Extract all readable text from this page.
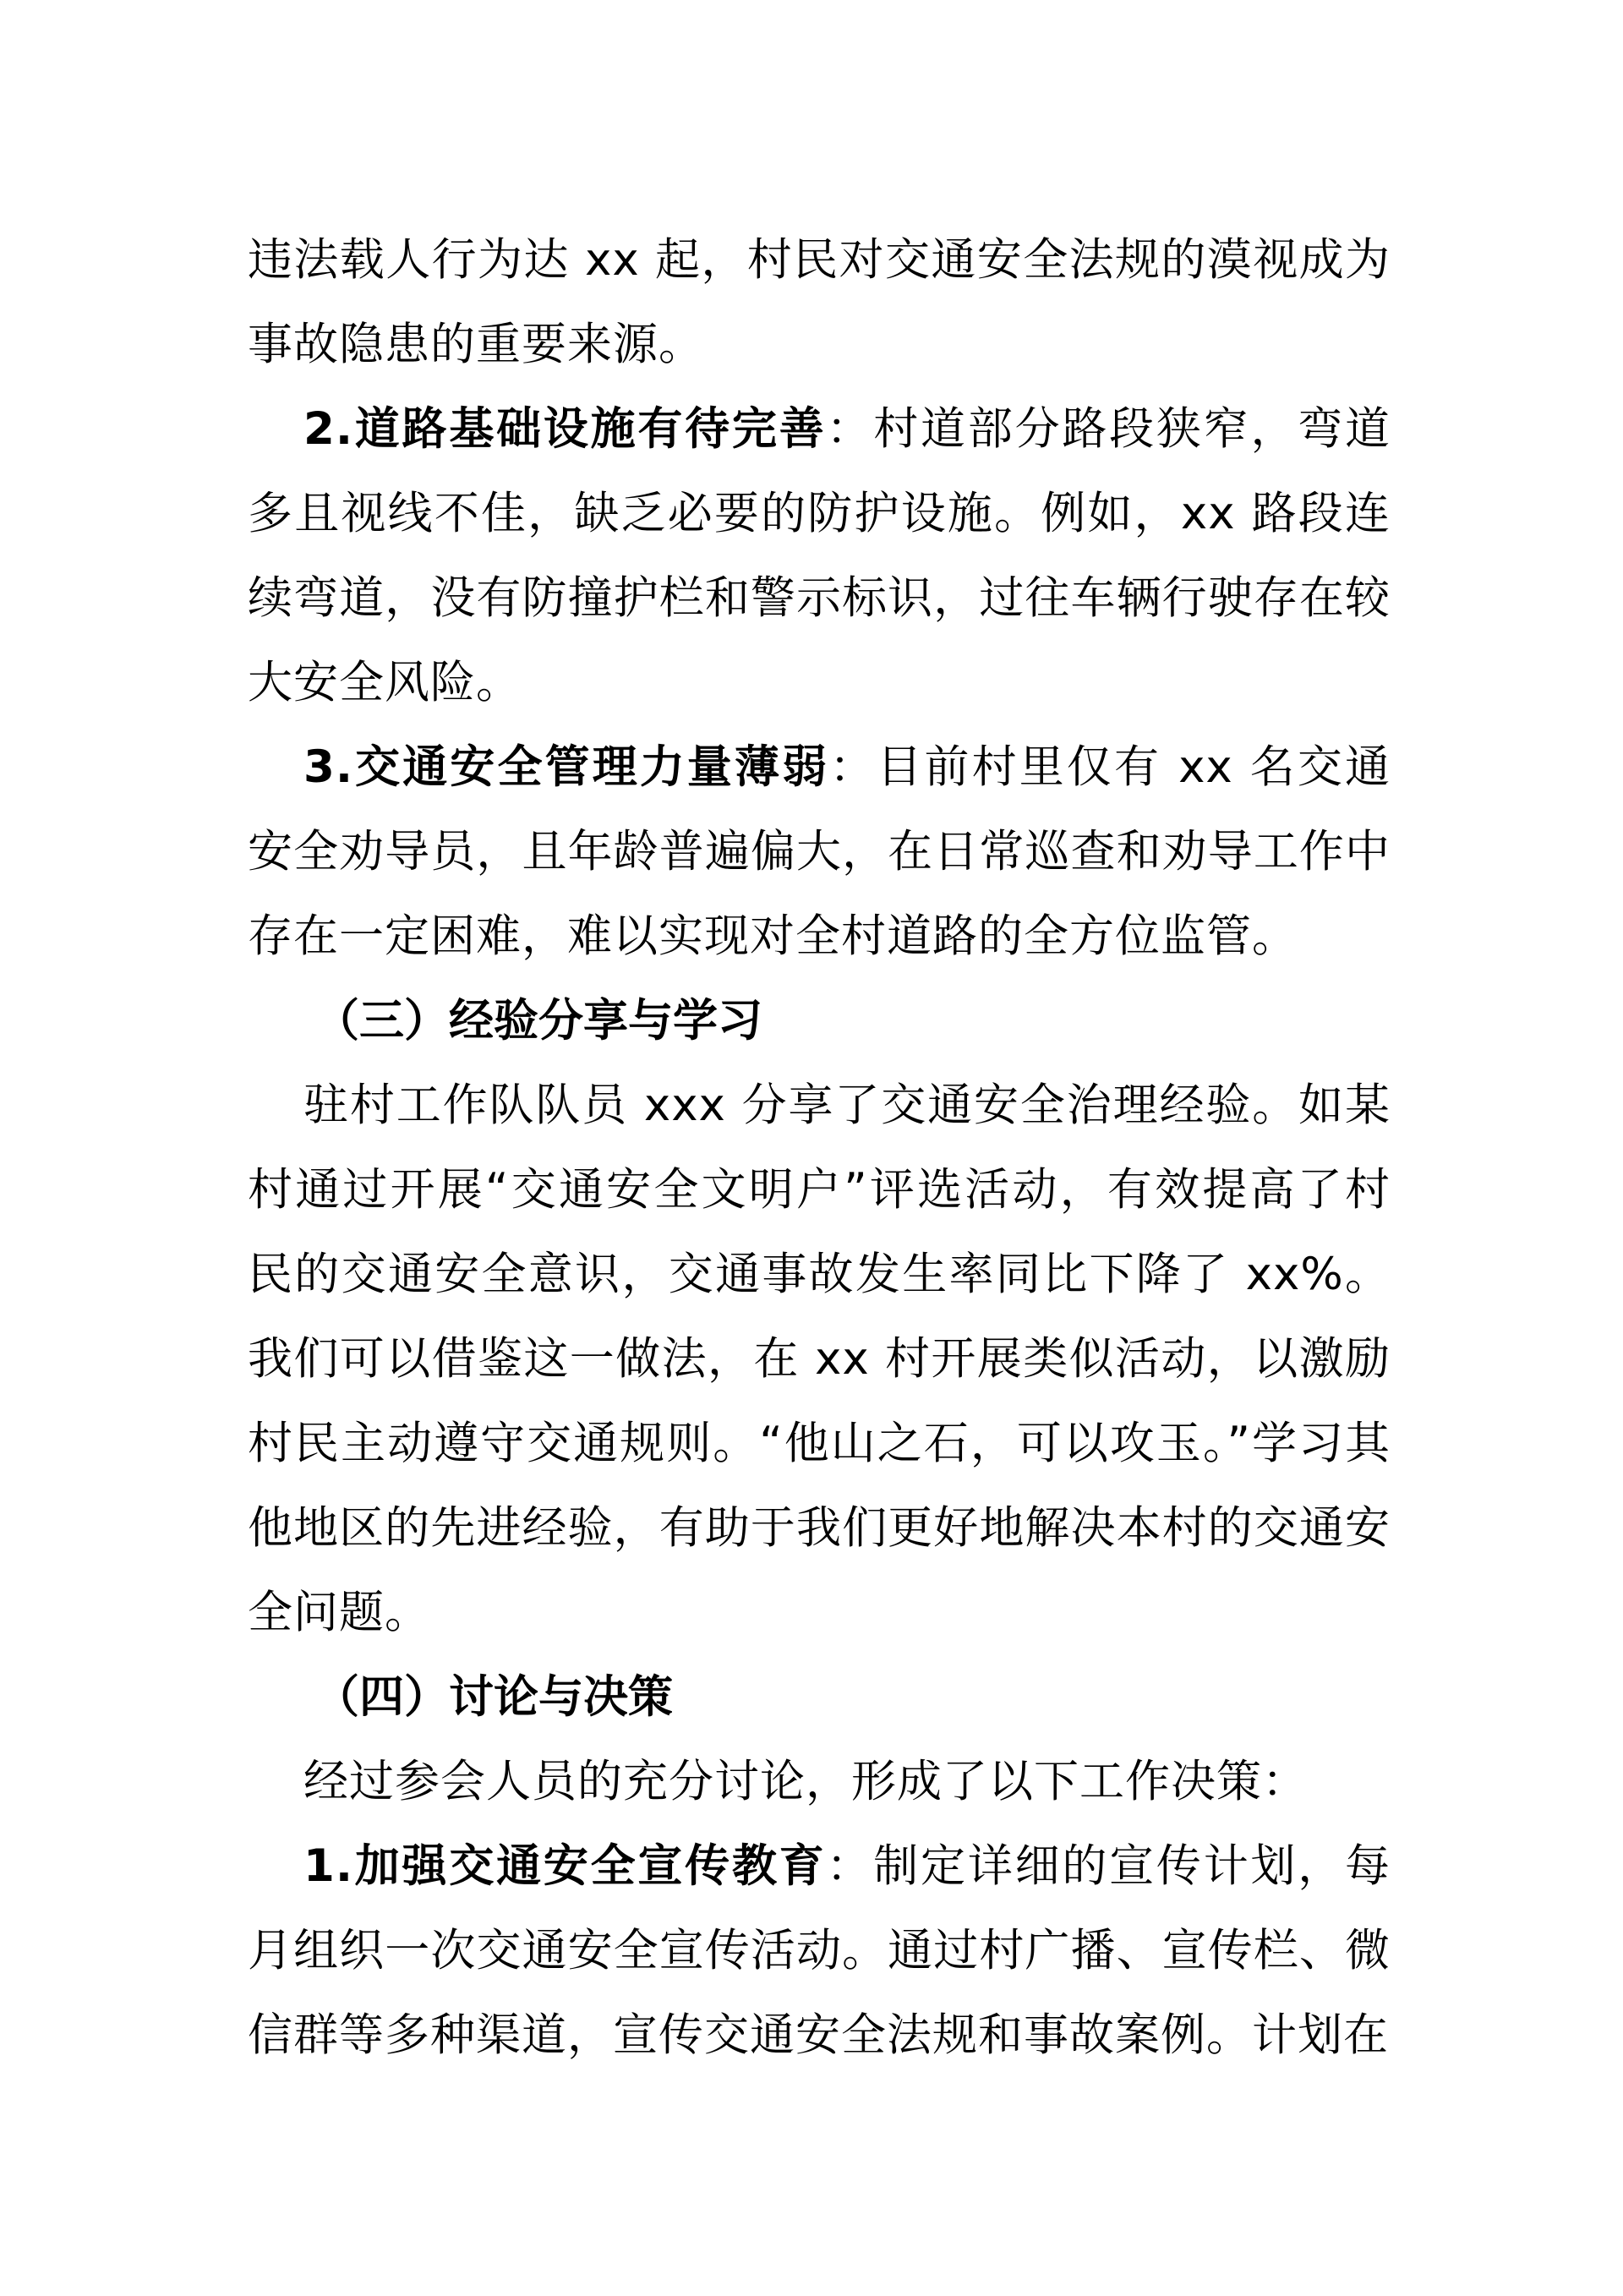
违法载人行为达 xx 起，村民对交通安全法规的漠视成为事故隐患的重要来源。

2.道路基础设施有待完善：村道部分路段狭窄，弯道多且视线不佳，缺乏必要的防护设施。例如，xx 路段连续弯道，没有防撞护栏和警示标识，过往车辆行驶存在较大安全风险。

3.交通安全管理力量薄弱：目前村里仅有 xx 名交通安全劝导员，且年龄普遍偏大，在日常巡查和劝导工作中存在一定困难，难以实现对全村道路的全方位监管。

（三）经验分享与学习

驻村工作队队员 xxx 分享了交通安全治理经验。如某村通过开展“交通安全文明户”评选活动，有效提高了村民的交通安全意识，交通事故发生率同比下降了 xx%。我们可以借鉴这一做法，在 xx 村开展类似活动，以激励村民主动遵守交通规则。“他山之石，可以攻玉。”学习其他地区的先进经验，有助于我们更好地解决本村的交通安全问题。

（四）讨论与决策

经过参会人员的充分讨论，形成了以下工作决策：

1.加强交通安全宣传教育：制定详细的宣传计划，每月组织一次交通安全宣传活动。通过村广播、宣传栏、微信群等多种渠道，宣传交通安全法规和事故案例。计划在
